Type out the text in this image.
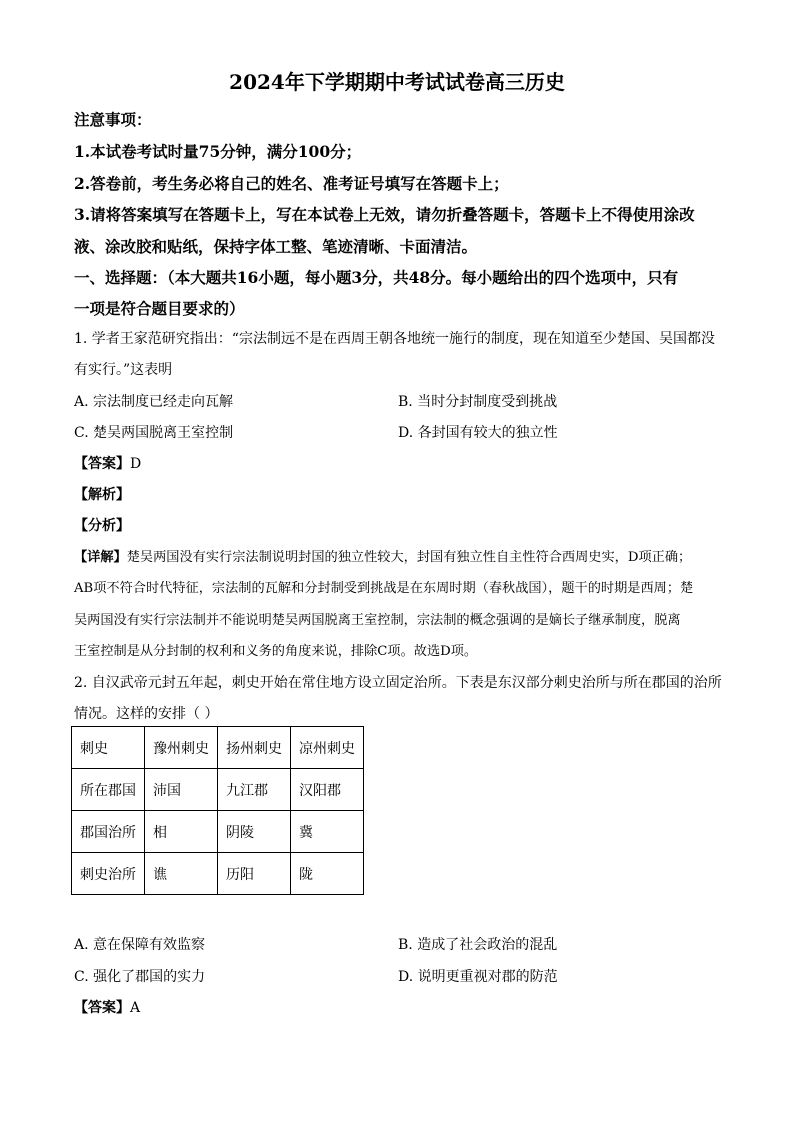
2024年下学期期中考试试卷高三历史
注意事项：
1.本试卷考试时量75分钟，满分100分；
2.答卷前，考生务必将自己的姓名、准考证号填写在答题卡上；
3.请将答案填写在答题卡上，写在本试卷上无效，请勿折叠答题卡，答题卡上不得使用涂改
液、涂改胶和贴纸，保持字体工整、笔迹清晰、卡面清洁。
一、选择题：（本大题共16小题，每小题3分，共48分。每小题给出的四个选项中，只有
一项是符合题目要求的）
1. 学者王家范研究指出：“宗法制远不是在西周王朝各地统一施行的制度，现在知道至少楚国、吴国都没
有实行。”这表明
A. 宗法制度已经走向瓦解	B. 当时分封制度受到挑战
C. 楚吴两国脱离王室控制	D. 各封国有较大的独立性
【答案】D
【解析】
【分析】
【详解】楚吴两国没有实行宗法制说明封国的独立性较大，封国有独立性自主性符合西周史实，D项正确；
AB项不符合时代特征，宗法制的瓦解和分封制受到挑战是在东周时期（春秋战国），题干的时期是西周；楚
吴两国没有实行宗法制并不能说明楚吴两国脱离王室控制，宗法制的概念强调的是嫡长子继承制度，脱离
王室控制是从分封制的权利和义务的角度来说，排除C项。故选D项。
2. 自汉武帝元封五年起，刺史开始在常住地方设立固定治所。下表是东汉部分刺史治所与所在郡国的治所
情况。这样的安排（ ）
刺史	豫州刺史	扬州刺史	凉州刺史
所在郡国	沛国	九江郡	汉阳郡
郡国治所	相	阴陵	冀
刺史治所	谯	历阳	陇
A. 意在保障有效监察	B. 造成了社会政治的混乱
C. 强化了郡国的实力	D. 说明更重视对郡的防范
【答案】A
